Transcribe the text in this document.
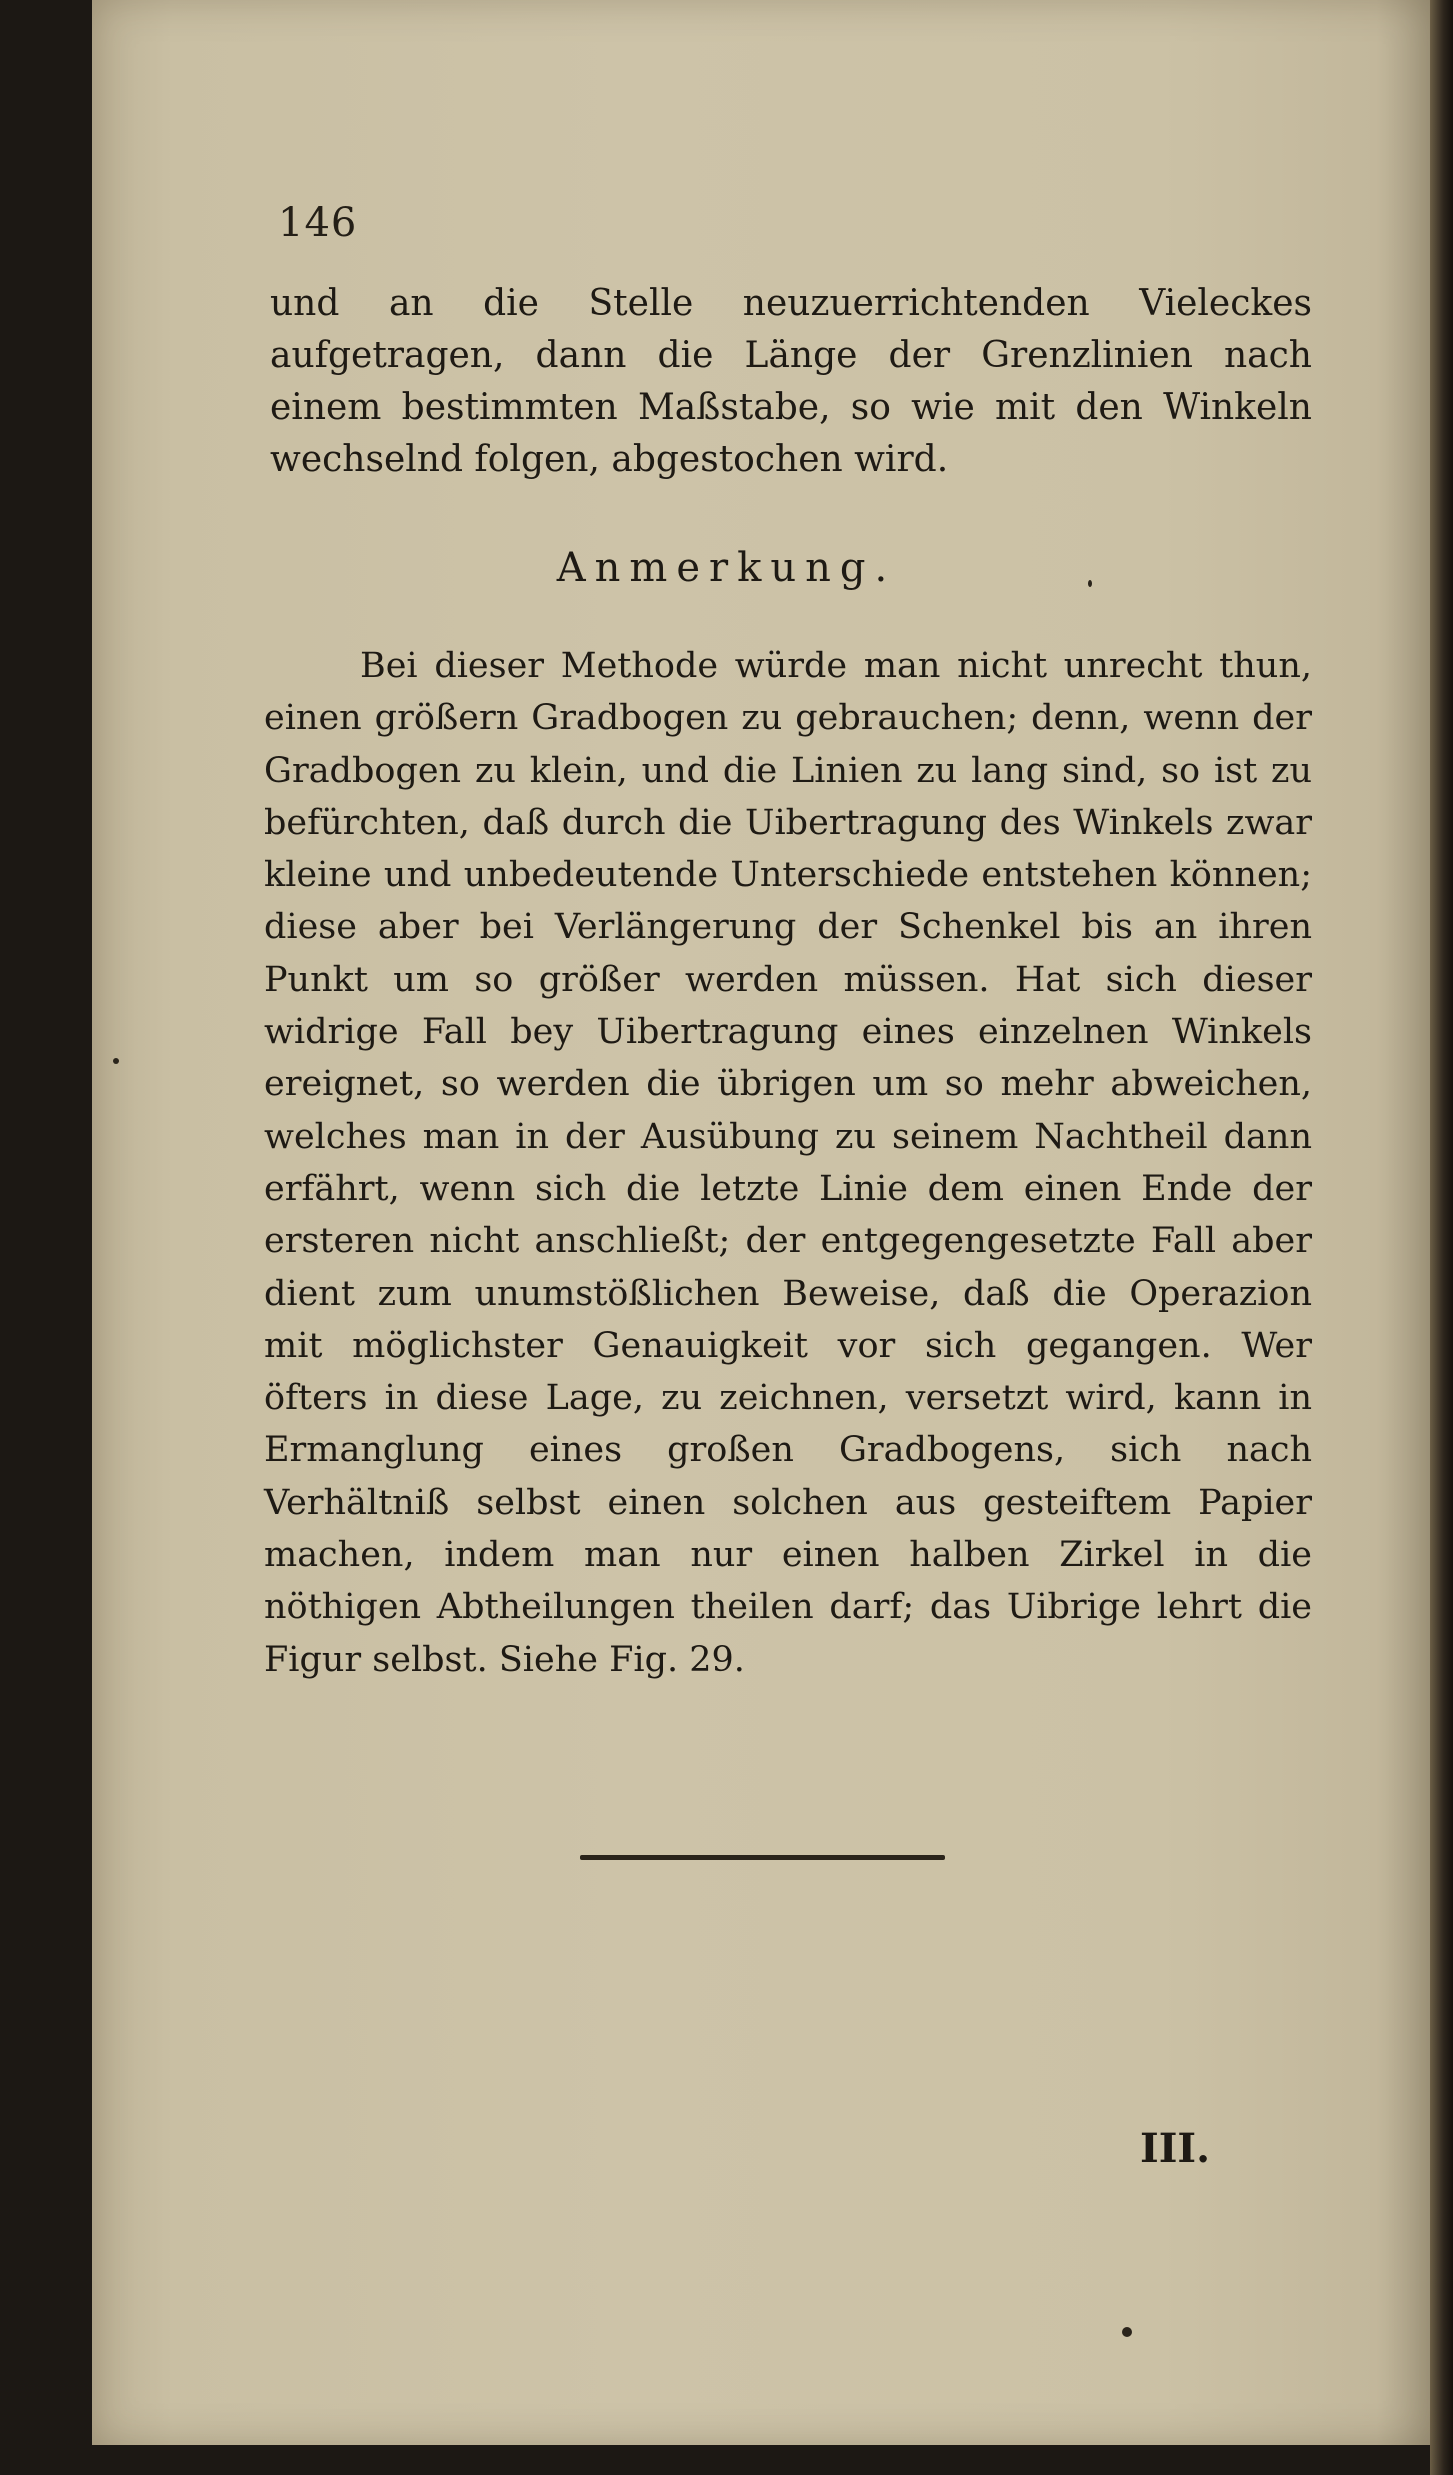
146
und an die Stelle neuzuerrichtenden Vieleckes aufgetragen, dann die Länge der Grenzlinien nach einem bestimmten Maßstabe, so wie mit den Winkeln wechselnd folgen, abgestochen wird.
Anmerkung.
Bei dieser Methode würde man nicht unrecht thun, einen größern Gradbogen zu gebrauchen; denn, wenn der Gradbogen zu klein, und die Linien zu lang sind, so ist zu befürchten, daß durch die Uibertragung des Winkels zwar kleine und unbedeutende Unterschiede entstehen können; diese aber bei Verlängerung der Schenkel bis an ihren Punkt um so größer werden müssen. Hat sich dieser widrige Fall bey Uibertragung eines einzelnen Winkels ereignet, so werden die übrigen um so mehr abweichen, welches man in der Ausübung zu seinem Nachtheil dann erfährt, wenn sich die letzte Linie dem einen Ende der ersteren nicht anschließt; der entgegengesetzte Fall aber dient zum unumstößlichen Beweise, daß die Operazion mit möglichster Genauigkeit vor sich gegangen. Wer öfters in diese Lage, zu zeichnen, versetzt wird, kann in Ermanglung eines großen Gradbogens, sich nach Verhältniß selbst einen solchen aus gesteiftem Papier machen, indem man nur einen halben Zirkel in die nöthigen Abtheilungen theilen darf; das Uibrige lehrt die Figur selbst. Siehe Fig. 29.
III.
